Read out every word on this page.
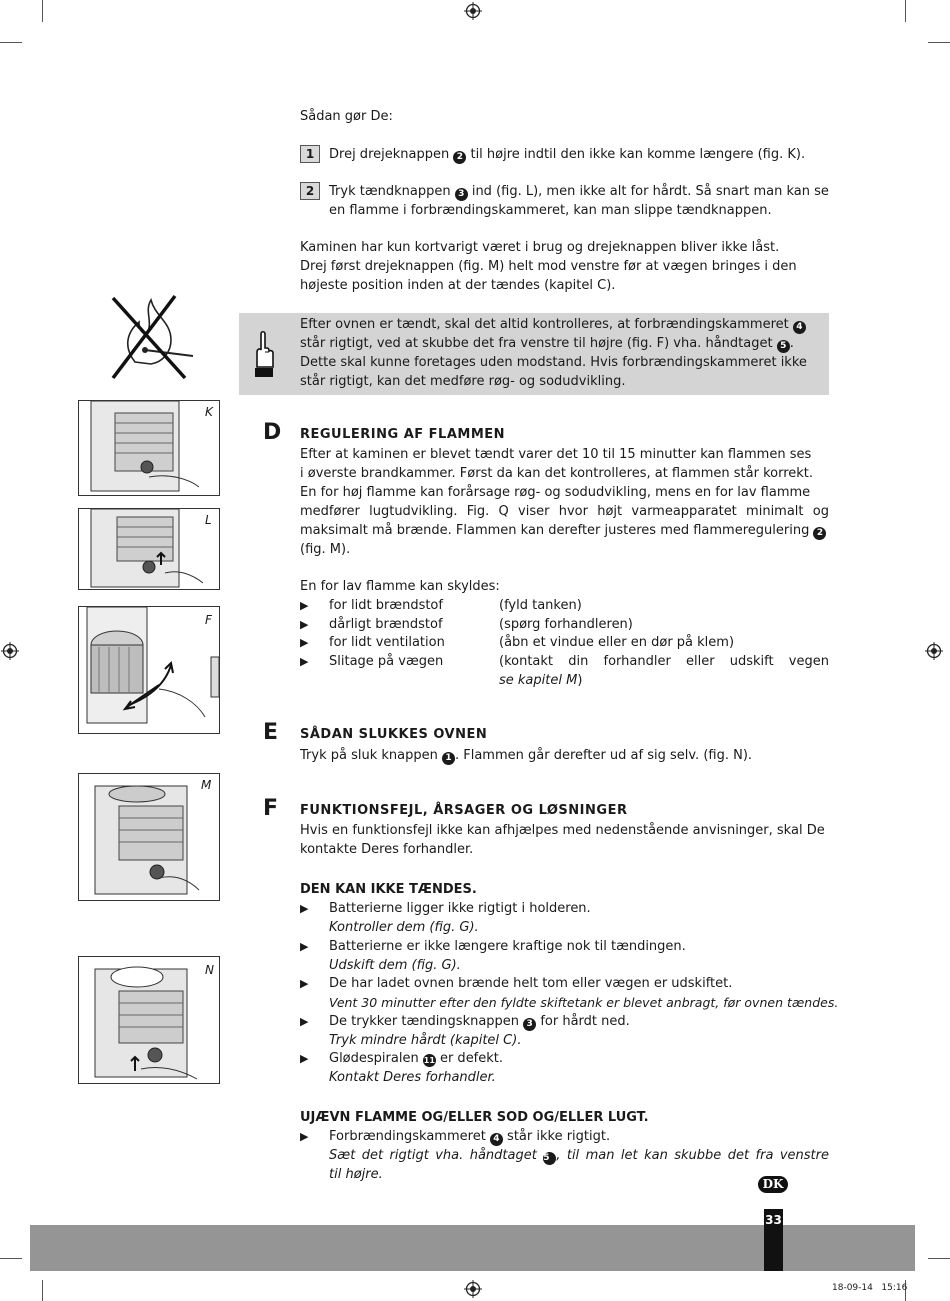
Sådan gør De:
1	Drej drejeknappen 2 til højre indtil den ikke kan komme længere (fig. K).
2	Tryk tændknappen 3 ind (fig. L), men ikke alt for hårdt. Så snart man kan se
en flamme i forbrændingskammeret, kan man slippe tændknappen.
Kaminen har kun kortvarigt været i brug og drejeknappen bliver ikke låst.
Drej først drejeknappen (fig. M) helt mod venstre før at vægen bringes i den
højeste position inden at der tændes (kapitel C).
Efter ovnen er tændt, skal det altid kontrolleres, at forbrændingskammeret 4
står rigtigt, ved at skubbe det fra venstre til højre (fig. F) vha. håndtaget 5 .
Dette skal kunne foretages uden modstand. Hvis forbrændingskammeret ikke
står rigtigt, kan det medføre røg- og sodudvikling.
K
L
F
M
N
D REGULERING AF FLAMMEN
Efter at kaminen er blevet tændt varer det 10 til 15 minutter kan flammen ses
i øverste brandkammer. Først da kan det kontrolleres, at flammen står korrekt.
En for høj flamme kan forårsage røg- og sodudvikling, mens en for lav flamme
medfører lugtudvikling. Fig. Q viser hvor højt varmeapparatet minimalt og
maksimalt må brænde. Flammen kan derefter justeres med flammeregulering 2
(fig. M).
En for lav flamme kan skyldes:
▶	for lidt brændstof	(fyld tanken)
▶	dårligt brændstof	(spørg forhandleren)
▶	for lidt ventilation	(åbn et vindue eller en dør på klem)
▶	Slitage på vægen	(kontakt din forhandler eller udskift vegen
se kapitel M)
E SÅDAN SLUKKES OVNEN
Tryk på sluk knappen 1 . Flammen går derefter ud af sig selv. (fig. N).
F FUNKTIONSFEJL, ÅRSAGER OG LØSNINGER
Hvis en funktionsfejl ikke kan afhjælpes med nedenstående anvisninger, skal De
kontakte Deres forhandler.
DEN KAN IKKE TÆNDES.
▶	Batterierne ligger ikke rigtigt i holderen.
Kontroller dem (fig. G).
▶	Batterierne er ikke længere kraftige nok til tændingen.
Udskift dem (fig. G).
▶	De har ladet ovnen brænde helt tom eller vægen er udskiftet.
Vent 30 minutter efter den fyldte skiftetank er blevet anbragt, før ovnen tændes.
▶	De trykker tændingsknappen 3 for hårdt ned.
Tryk mindre hårdt (kapitel C).
▶	Glødespiralen 11 er defekt.
Kontakt Deres forhandler.
UJÆVN FLAMME OG/ELLER SOD OG/ELLER LUGT.
▶	Forbrændingskammeret 4 står ikke rigtigt.
Sæt det rigtigt vha. håndtaget 5 , til man let kan skubbe det fra venstre
til højre.
DK
33
18-09-14   15:16
